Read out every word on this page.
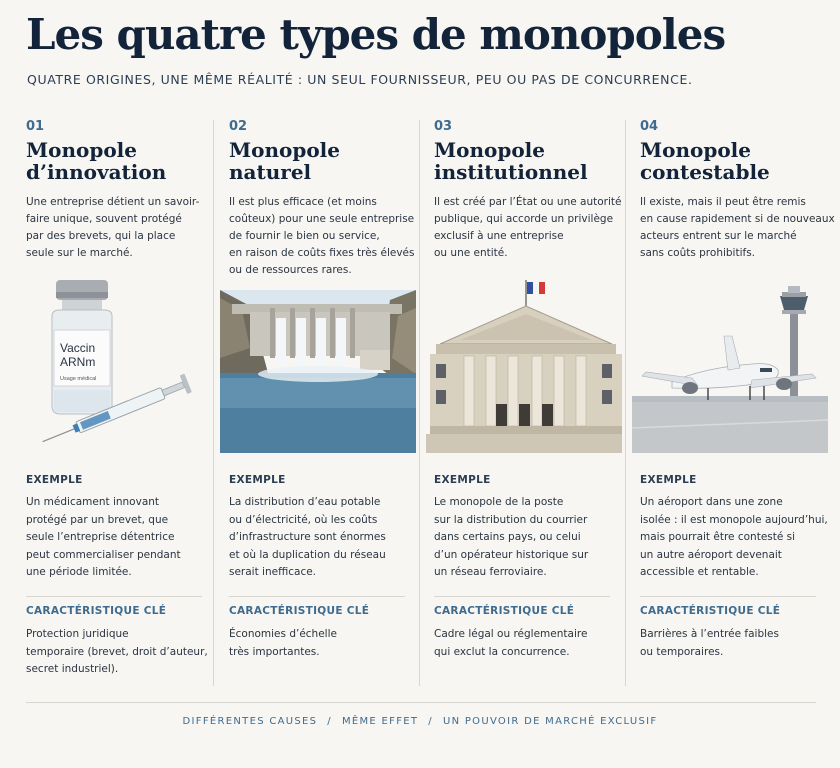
Les quatre types de monopoles
QUATRE ORIGINES, UNE MÊME RÉALITÉ : UN SEUL FOURNISSEUR, PEU OU PAS DE CONCURRENCE.
01
Monopole
d’innovation
Une entreprise détient un savoir-
faire unique, souvent protégé
par des brevets, qui la place
seule sur le marché.
Vaccin
ARNm
Usage médical
EXEMPLE
Un médicament innovant
protégé par un brevet, que
seule l’entreprise détentrice
peut commercialiser pendant
une période limitée.
CARACTÉRISTIQUE CLÉ
Protection juridique
temporaire (brevet, droit d’auteur,
secret industriel).
02
Monopole
naturel
Il est plus efficace (et moins
coûteux) pour une seule entreprise
de fournir le bien ou service,
en raison de coûts fixes très élevés
ou de ressources rares.
EXEMPLE
La distribution d’eau potable
ou d’électricité, où les coûts
d’infrastructure sont énormes
et où la duplication du réseau
serait inefficace.
CARACTÉRISTIQUE CLÉ
Économies d’échelle
très importantes.
03
Monopole
institutionnel
Il est créé par l’État ou une autorité
publique, qui accorde un privilège
exclusif à une entreprise
ou une entité.
EXEMPLE
Le monopole de la poste
sur la distribution du courrier
dans certains pays, ou celui
d’un opérateur historique sur
un réseau ferroviaire.
CARACTÉRISTIQUE CLÉ
Cadre légal ou réglementaire
qui exclut la concurrence.
04
Monopole
contestable
Il existe, mais il peut être remis
en cause rapidement si de nouveaux
acteurs entrent sur le marché
sans coûts prohibitifs.
EXEMPLE
Un aéroport dans une zone
isolée : il est monopole aujourd’hui,
mais pourrait être contesté si
un autre aéroport devenait
accessible et rentable.
CARACTÉRISTIQUE CLÉ
Barrières à l’entrée faibles
ou temporaires.
DIFFÉRENTES CAUSES / MÊME EFFET / UN POUVOIR DE MARCHÉ EXCLUSIF
